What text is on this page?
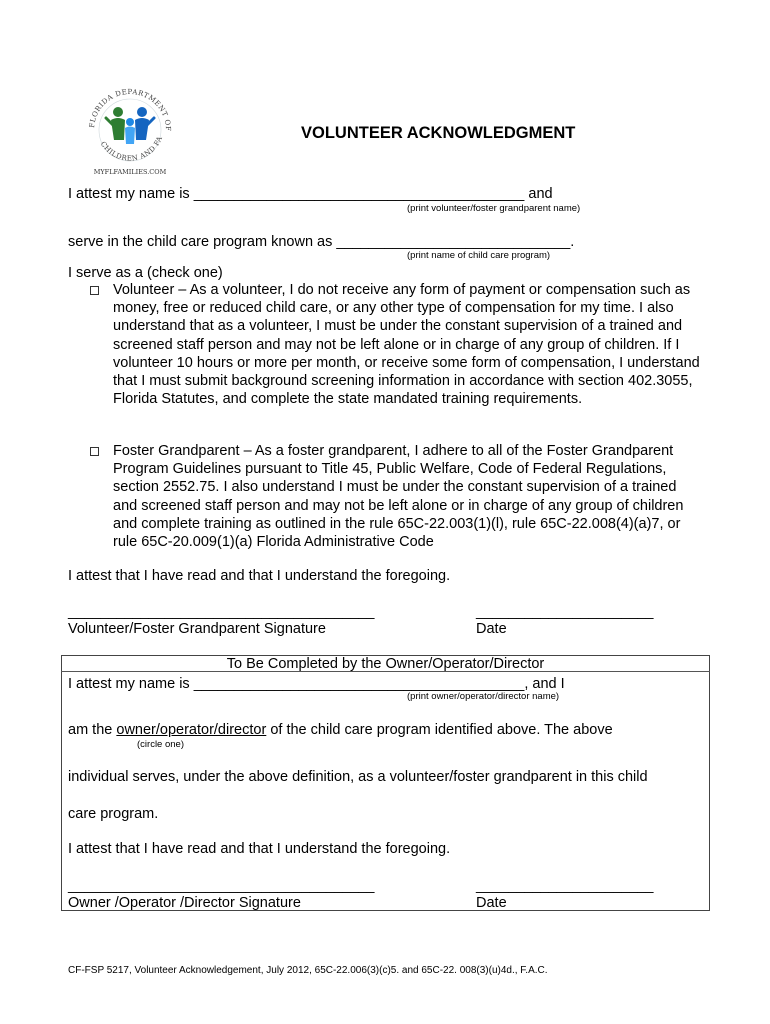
FLORIDA DEPARTMENT OF
CHILDREN AND FA
MYFLFAMILIES.COM
VOLUNTEER ACKNOWLEDGMENT
I attest my name is _________________________________________ and
(print volunteer/foster grandparent name)
serve in the child care program known as _____________________________.
(print name of child care program)
I serve as a (check one)
Volunteer – As a volunteer, I do not receive any form of payment or compensation such as money, free or reduced child care, or any other type of compensation for my time. I also understand that as a volunteer, I must be under the constant supervision of a trained and screened staff person and may not be left alone or in charge of any group of children. If I volunteer 10 hours or more per month, or receive some form of compensation, I understand that I must submit background screening information in accordance with section 402.3055, Florida Statutes, and complete the state mandated training requirements.
Foster Grandparent – As a foster grandparent, I adhere to all of the Foster Grandparent Program Guidelines pursuant to Title 45, Public Welfare, Code of Federal Regulations, section 2552.75. I also understand I must be under the constant supervision of a trained and screened staff person and may not be left alone or in charge of any group of children and complete training as outlined in the rule 65C-22.003(1)(l), rule 65C-22.008(4)(a)7, or rule 65C-20.009(1)(a) Florida Administrative Code
I attest that I have read and that I understand the foregoing.
______________________________________	______________________
Volunteer/Foster Grandparent Signature	Date
To Be Completed by the Owner/Operator/Director
I attest my name is _________________________________________, and I
(print owner/operator/director name)
am the owner/operator/director of the child care program identified above. The above
(circle one)
individual serves, under the above definition, as a volunteer/foster grandparent in this child
care program.
I attest that I have read and that I understand the foregoing.
______________________________________	______________________
Owner /Operator /Director Signature	Date
CF-FSP 5217, Volunteer Acknowledgement, July 2012, 65C-22.006(3)(c)5. and 65C-22. 008(3)(u)4d., F.A.C.
